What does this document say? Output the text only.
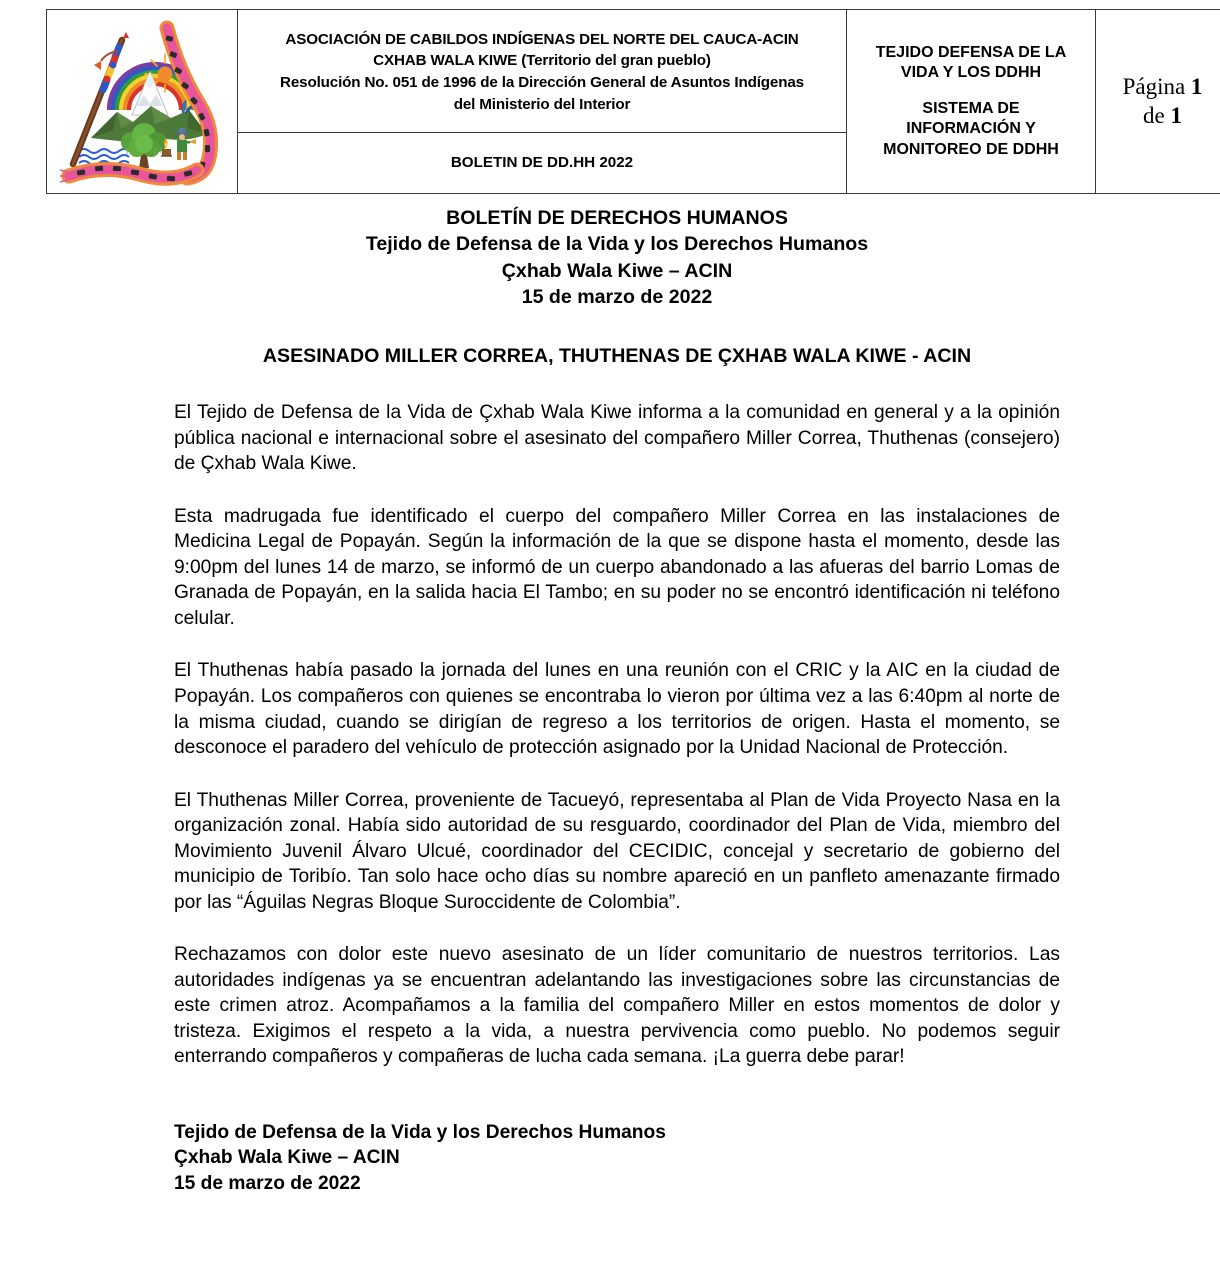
ASOCIACIÓN DE CABILDOS INDÍGENAS DEL NORTE DEL CAUCA-ACIN
CXHAB WALA KIWE (Territorio del gran pueblo)
Resolución No. 051 de 1996 de la Dirección General de Asuntos Indígenas
del Ministerio del Interior

TEJIDO DEFENSA DE LA
VIDA Y LOS DDHH
SISTEMA DE
INFORMACIÓN Y
MONITOREO DE DDHH

Página 1
de 1

BOLETIN DE DD.HH 2022
BOLETÍN DE DERECHOS HUMANOS
Tejido de Defensa de la Vida y los Derechos Humanos
Çxhab Wala Kiwe – ACIN
15 de marzo de 2022
ASESINADO MILLER CORREA, THUTHENAS DE ÇXHAB WALA KIWE - ACIN

El Tejido de Defensa de la Vida de Çxhab Wala Kiwe informa a la comunidad en general y a la opinión pública nacional e internacional sobre el asesinato del compañero Miller Correa, Thuthenas (consejero) de Çxhab Wala Kiwe.

Esta madrugada fue identificado el cuerpo del compañero Miller Correa en las instalaciones de Medicina Legal de Popayán. Según la información de la que se dispone hasta el momento, desde las 9:00pm del lunes 14 de marzo, se informó de un cuerpo abandonado a las afueras del barrio Lomas de Granada de Popayán, en la salida hacia El Tambo; en su poder no se encontró identificación ni teléfono celular.

El Thuthenas había pasado la jornada del lunes en una reunión con el CRIC y la AIC en la ciudad de Popayán. Los compañeros con quienes se encontraba lo vieron por última vez a las 6:40pm al norte de la misma ciudad, cuando se dirigían de regreso a los territorios de origen. Hasta el momento, se desconoce el paradero del vehículo de protección asignado por la Unidad Nacional de Protección.

El Thuthenas Miller Correa, proveniente de Tacueyó, representaba al Plan de Vida Proyecto Nasa en la organización zonal. Había sido autoridad de su resguardo, coordinador del Plan de Vida, miembro del Movimiento Juvenil Álvaro Ulcué, coordinador del CECIDIC, concejal y secretario de gobierno del municipio de Toribío. Tan solo hace ocho días su nombre apareció en un panfleto amenazante firmado por las “Águilas Negras Bloque Suroccidente de Colombia”.

Rechazamos con dolor este nuevo asesinato de un líder comunitario de nuestros territorios. Las autoridades indígenas ya se encuentran adelantando las investigaciones sobre las circunstancias de este crimen atroz. Acompañamos a la familia del compañero Miller en estos momentos de dolor y tristeza. Exigimos el respeto a la vida, a nuestra pervivencia como pueblo. No podemos seguir enterrando compañeros y compañeras de lucha cada semana. ¡La guerra debe parar!

Tejido de Defensa de la Vida y los Derechos Humanos
Çxhab Wala Kiwe – ACIN
15 de marzo de 2022
